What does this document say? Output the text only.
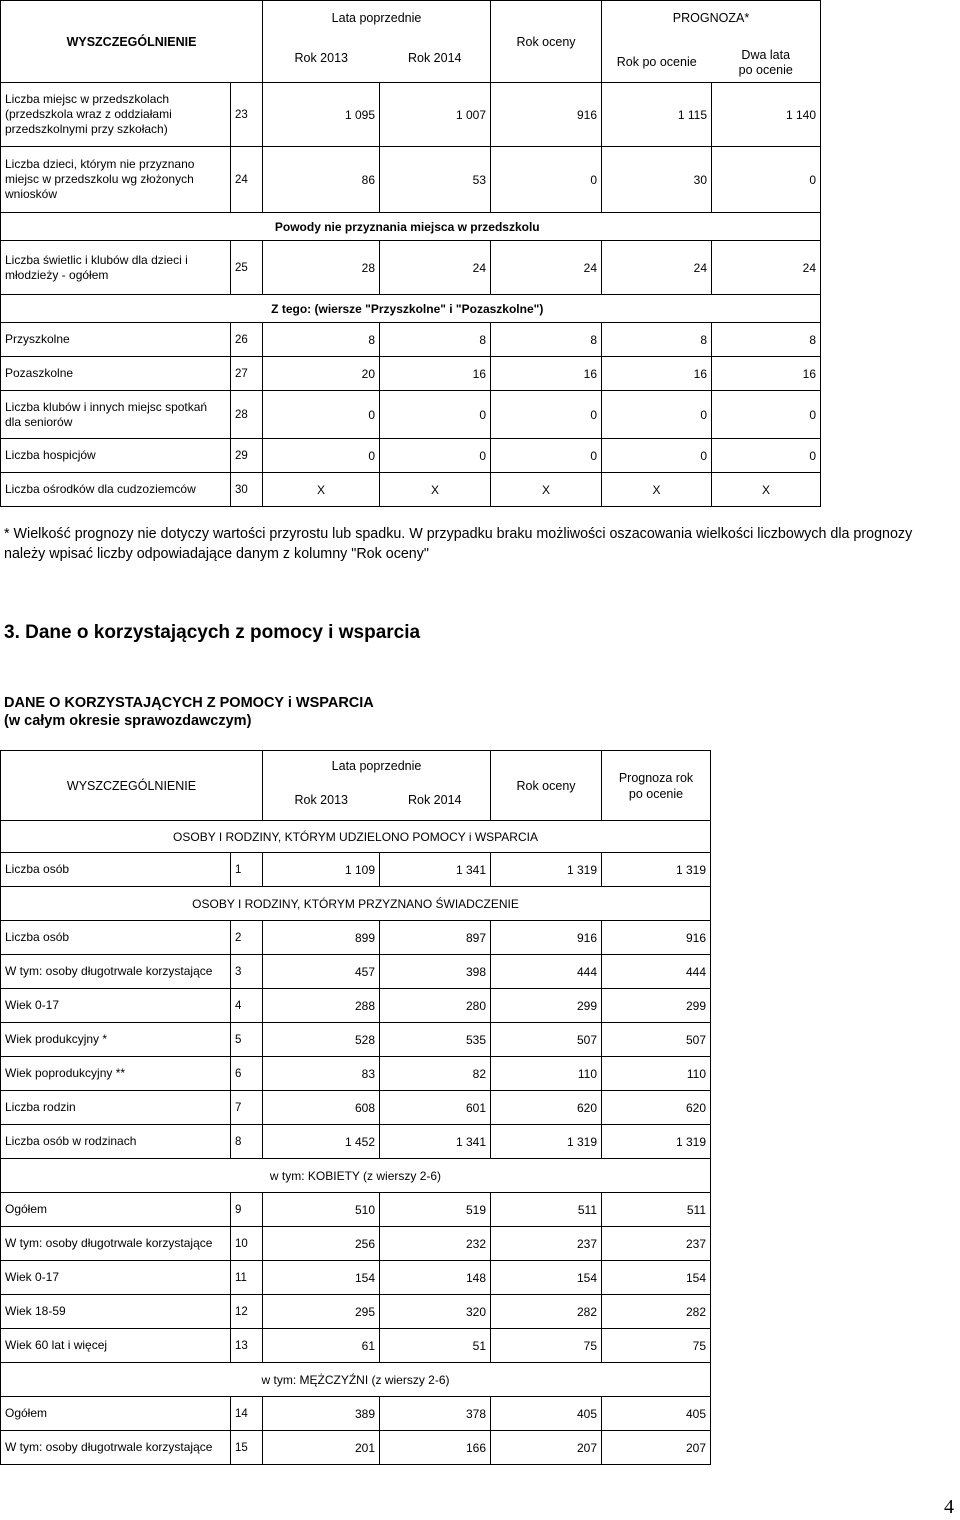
WYSZCZEGÓLNIENIE		Lata poprzednie		Rok oceny	PROGNOZA*	
		Rok 2013	Rok 2014		Rok po ocenie	Dwa lata
po ocenie
Liczba miejsc w przedszkolach
(przedszkola wraz z oddziałami
przedszkolnymi przy szkołach)	23	1 095	1 007	916	1 115	1 140
Liczba dzieci, którym nie przyznano
miejsc w przedszkolu wg złożonych
wniosków	24	86	53	0	30	0
	Powody nie przyznania miejsca w przedszkolu					
Liczba świetlic i klubów dla dzieci i
młodzieży - ogółem	25	28	24	24	24	24
	Z tego: (wiersze "Przyszkolne" i "Pozaszkolne")					
Przyszkolne	26	8	8	8	8	8
Pozaszkolne	27	20	16	16	16	16
Liczba klubów i innych miejsc spotkań
dla seniorów	28	0	0	0	0	0
Liczba hospicjów	29	0	0	0	0	0
Liczba ośrodków dla cudzoziemców	30	X	X	X	X	X
* Wielkość prognozy nie dotyczy wartości przyrostu lub spadku. W przypadku braku możliwości oszacowania wielkości liczbowych dla prognozy należy wpisać liczby odpowiadające danym z kolumny "Rok oceny"
3. Dane o korzystających z pomocy i wsparcia
DANE O KORZYSTAJĄCYCH Z POMOCY i WSPARCIA
(w całym okresie sprawozdawczym)
WYSZCZEGÓLNIENIE		Lata poprzednie		Rok oceny	Prognoza rok
po ocenie
		Rok 2013	Rok 2014		
OSOBY I RODZINY, KTÓRYM UDZIELONO POMOCY i WSPARCIA					
Liczba osób	1	1 109	1 341	1 319	1 319
OSOBY I RODZINY, KTÓRYM PRZYZNANO ŚWIADCZENIE					
Liczba osób	2	899	897	916	916
W tym: osoby długotrwale korzystające	3	457	398	444	444
Wiek 0-17	4	288	280	299	299
Wiek produkcyjny *	5	528	535	507	507
Wiek poprodukcyjny **	6	83	82	110	110
Liczba rodzin	7	608	601	620	620
Liczba osób w rodzinach	8	1 452	1 341	1 319	1 319
w tym: KOBIETY (z wierszy 2-6)					
Ogółem	9	510	519	511	511
W tym: osoby długotrwale korzystające	10	256	232	237	237
Wiek 0-17	11	154	148	154	154
Wiek 18-59	12	295	320	282	282
Wiek 60 lat i więcej	13	61	51	75	75
w tym: MĘŻCZYŹNI (z wierszy 2-6)					
Ogółem	14	389	378	405	405
W tym: osoby długotrwale korzystające	15	201	166	207	207
4
